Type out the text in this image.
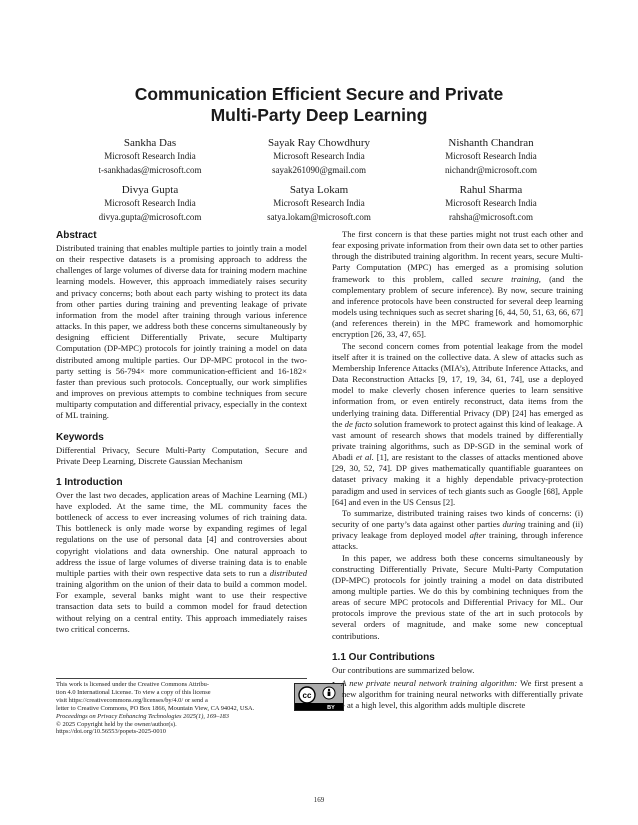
Communication Efficient Secure and Private
Multi-Party Deep Learning
Sankha Das
Microsoft Research India
t-sankhadas@microsoft.com
Sayak Ray Chowdhury
Microsoft Research India
sayak261090@gmail.com
Nishanth Chandran
Microsoft Research India
nichandr@microsoft.com
Divya Gupta
Microsoft Research India
divya.gupta@microsoft.com
Satya Lokam
Microsoft Research India
satya.lokam@microsoft.com
Rahul Sharma
Microsoft Research India
rahsha@microsoft.com
Abstract

Distributed training that enables multiple parties to jointly train a model on their respective datasets is a promising approach to address the challenges of large volumes of diverse data for training modern machine learning models. However, this approach immediately raises security and privacy concerns; both about each party wishing to protect its data from other parties during training and preventing leakage of private information from the model after training through various inference attacks. In this paper, we address both these concerns simultaneously by designing efficient Differentially Private, secure Multiparty Computation (DP-MPC) protocols for jointly training a model on data distributed among multiple parties. Our DP-MPC protocol in the two-party setting is 56-794× more communication-efficient and 16-182× faster than previous such protocols. Conceptually, our work simplifies and improves on previous attempts to combine techniques from secure multiparty computation and differential privacy, especially in the context of ML training.

Keywords

Differential Privacy, Secure Multi-Party Computation, Secure and Private Deep Learning, Discrete Gaussian Mechanism

1 Introduction

Over the last two decades, application areas of Machine Learning (ML) have exploded. At the same time, the ML community faces the bottleneck of access to ever increasing volumes of rich training data. This bottleneck is only made worse by expanding regimes of legal regulations on the use of personal data [4] and controversies about copyright violations and data ownership. One natural approach to address the issue of large volumes of diverse training data is to enable multiple parties with their own respective data sets to run a distributed training algorithm on the union of their data to build a common model. For example, several banks might want to use their respective transaction data sets to build a common model for fraud detection without relying on a central entity. This approach immediately raises two critical concerns.

This work is licensed under the Creative Commons Attribu-
tion 4.0 International License. To view a copy of this license
visit https://creativecommons.org/licenses/by/4.0/ or send a
letter to Creative Commons, PO Box 1866, Mountain View, CA 94042, USA.
Proceedings on Privacy Enhancing Technologies 2025(1), 169–183
© 2025 Copyright held by the owner/author(s).
https://doi.org/10.56553/popets-2025-0010
cc
BY

The first concern is that these parties might not trust each other and fear exposing private information from their own data set to other parties through the distributed training algorithm. In recent years, secure Multi-Party Computation (MPC) has emerged as a promising solution framework to this problem, called secure training, (and the complementary problem of secure inference). By now, secure training and inference protocols have been constructed for several deep learning models using techniques such as secret sharing [6, 44, 50, 51, 63, 66, 67] (and references therein) in the MPC framework and homomorphic encryption [26, 33, 47, 65].

The second concern comes from potential leakage from the model itself after it is trained on the collective data. A slew of attacks such as Membership Inference Attacks (MIA’s), Attribute Inference Attacks, and Data Reconstruction Attacks [9, 17, 19, 34, 61, 74], use a deployed model to make cleverly chosen inference queries to learn sensitive information from, or even entirely reconstruct, data items from the underlying training data. Differential Privacy (DP) [24] has emerged as the de facto solution framework to protect against this kind of leakage. A vast amount of research shows that models trained by differentially private training algorithms, such as DP-SGD in the seminal work of Abadi et al. [1], are resistant to the classes of attacks mentioned above [29, 30, 52, 74]. DP gives mathematically quantifiable guarantees on dataset privacy making it a highly dependable privacy-protection paradigm and used in services of tech giants such as Google [68], Apple [64] and even in the US Census [2].

To summarize, distributed training raises two kinds of concerns: (i) security of one party’s data against other parties during training and (ii) privacy leakage from deployed model after training, through inference attacks.

In this paper, we address both these concerns simultaneously by constructing Differentially Private, Secure Multi-Party Computation (DP-MPC) protocols for jointly training a model on data distributed among multiple parties. We do this by combining techniques from the areas of secure MPC protocols and Differential Privacy for ML. Our protocols improve the previous state of the art in such protocols by several orders of magnitude, and make some new conceptual contributions.

1.1 Our Contributions

Our contributions are summarized below.

•  A new private neural network training algorithm: We first present a new algorithm for training neural networks with differentially private - at a high level, this algorithm adds multiple discrete

169
